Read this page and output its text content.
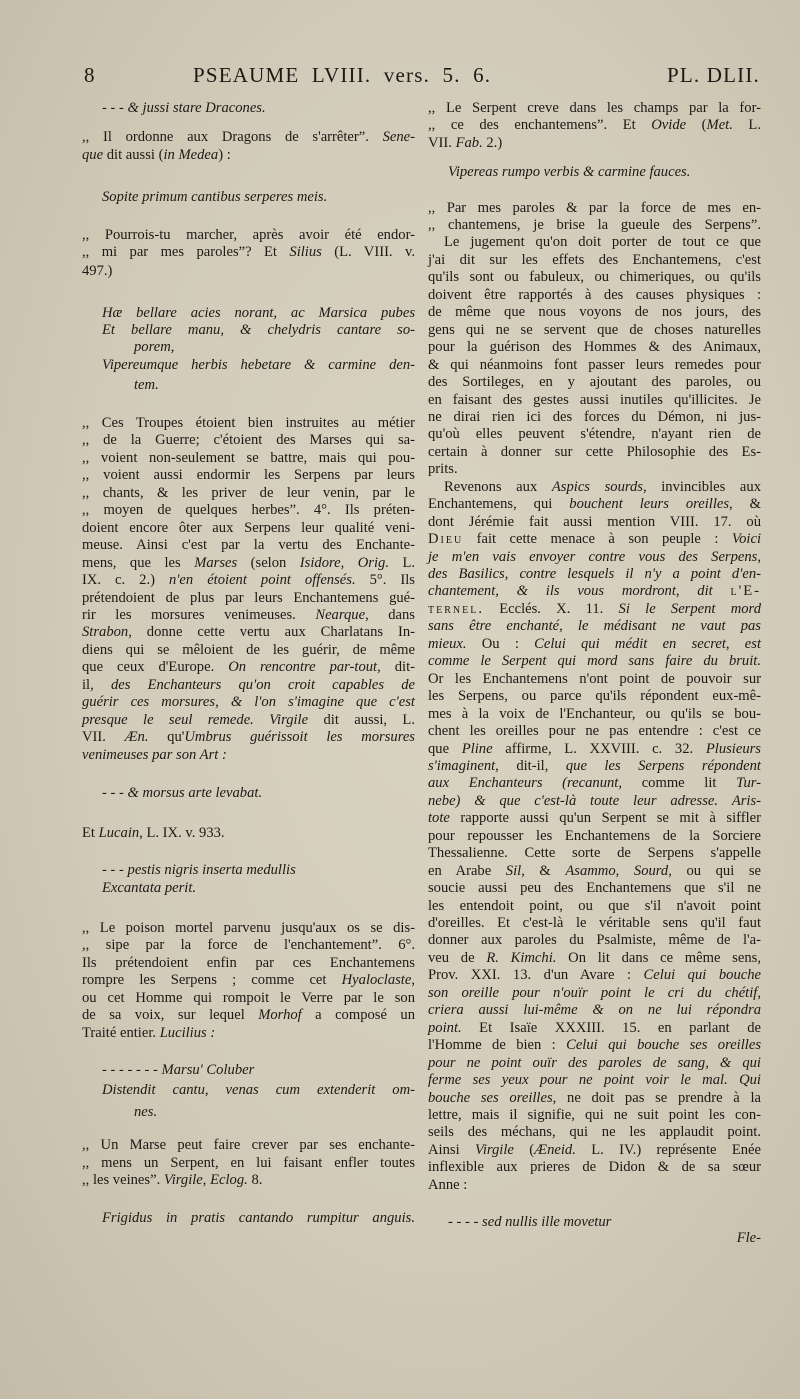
8	PSEAUME LVIII. vers. 5. 6.	PL. DLII.
- - - & jussi stare Dracones.
,, Il ordonne aux Dragons de s'arrêter”. Sene-
que dit aussi (in Medea) :
Sopite primum cantibus serperes meis.
,, Pourrois-tu marcher, après avoir été endor-
,, mi par mes paroles”? Et Silius (L. VIII. v.
497.)
Hæ bellare acies norant, ac Marsica pubes
Et bellare manu, & chelydris cantare so-
porem,
Vipereumque herbis hebetare & carmine den-
tem.
,, Ces Troupes étoient bien instruites au métier
,, de la Guerre; c'étoient des Marses qui sa-
,, voient non-seulement se battre, mais qui pou-
,, voient aussi endormir les Serpens par leurs
,, chants, & les priver de leur venin, par le
,, moyen de quelques herbes”. 4°. Ils préten-
doient encore ôter aux Serpens leur qualité veni-
meuse. Ainsi c'est par la vertu des Enchante-
mens, que les Marses (selon Isidore, Orig. L.
IX. c. 2.) n'en étoient point offensés. 5°. Ils
prétendoient de plus par leurs Enchantemens gué-
rir les morsures venimeuses. Nearque, dans
Strabon, donne cette vertu aux Charlatans In-
diens qui se mêloient de les guérir, de même
que ceux d'Europe. On rencontre par-tout, dit-
il, des Enchanteurs qu'on croit capables de
guérir ces morsures, & l'on s'imagine que c'est
presque le seul remede. Virgile dit aussi, L.
VII. Æn. qu'Umbrus guérissoit les morsures
venimeuses par son Art :
- - - & morsus arte levabat.
Et Lucain, L. IX. v. 933.
- - - pestis nigris inserta medullis
Excantata perit.
,, Le poison mortel parvenu jusqu'aux os se dis-
,, sipe par la force de l'enchantement”. 6°.
Ils prétendoient enfin par ces Enchantemens
rompre les Serpens ; comme cet Hyaloclaste,
ou cet Homme qui rompoit le Verre par le son
de sa voix, sur lequel Morhof a composé un
Traité entier. Lucilius :
- - - - - - - Marsu' Coluber
Distendit cantu, venas cum extenderit om-
nes.
,, Un Marse peut faire crever par ses enchante-
,, mens un Serpent, en lui faisant enfler toutes
,, les veines”. Virgile, Eclog. 8.
Frigidus in pratis cantando rumpitur anguis.
,, Le Serpent creve dans les champs par la for-
,, ce des enchantemens”. Et Ovide (Met. L.
VII. Fab. 2.)
Vipereas rumpo verbis & carmine fauces.
,, Par mes paroles & par la force de mes en-
,, chantemens, je brise la gueule des Serpens”.
Le jugement qu'on doit porter de tout ce que
j'ai dit sur les effets des Enchantemens, c'est
qu'ils sont ou fabuleux, ou chimeriques, ou qu'ils
doivent être rapportés à des causes physiques :
de même que nous voyons de nos jours, des
gens qui ne se servent que de choses naturelles
pour la guérison des Hommes & des Animaux,
& qui néanmoins font passer leurs remedes pour
des Sortileges, en y ajoutant des paroles, ou
en faisant des gestes aussi inutiles qu'illicites. Je
ne dirai rien ici des forces du Démon, ni jus-
qu'où elles peuvent s'étendre, n'ayant rien de
certain à donner sur cette Philosophie des Es-
prits.
Revenons aux Aspics sourds, invincibles aux
Enchantemens, qui bouchent leurs oreilles, &
dont Jérémie fait aussi mention VIII. 17. où
Dieu fait cette menace à son peuple : Voici
je m'en vais envoyer contre vous des Serpens,
des Basilics, contre lesquels il n'y a point d'en-
chantement, & ils vous mordront, dit l'E-
ternel. Ecclés. X. 11. Si le Serpent mord
sans être enchanté, le médisant ne vaut pas
mieux. Ou : Celui qui médit en secret, est
comme le Serpent qui mord sans faire du bruit.
Or les Enchantemens n'ont point de pouvoir sur
les Serpens, ou parce qu'ils répondent eux-mê-
mes à la voix de l'Enchanteur, ou qu'ils se bou-
chent les oreilles pour ne pas entendre : c'est ce
que Pline affirme, L. XXVIII. c. 32. Plusieurs
s'imaginent, dit-il, que les Serpens répondent
aux Enchanteurs (recanunt, comme lit Tur-
nebe) & que c'est-là toute leur adresse. Aris-
tote rapporte aussi qu'un Serpent se mit à siffler
pour repousser les Enchantemens de la Sorciere
Thessalienne. Cette sorte de Serpens s'appelle
en Arabe Sil, & Asammo, Sourd, ou qui se
soucie aussi peu des Enchantemens que s'il ne
les entendoit point, ou que s'il n'avoit point
d'oreilles. Et c'est-là le véritable sens qu'il faut
donner aux paroles du Psalmiste, même de l'a-
veu de R. Kimchi. On lit dans ce même sens,
Prov. XXI. 13. d'un Avare : Celui qui bouche
son oreille pour n'ouïr point le cri du chétif,
criera aussi lui-même & on ne lui répondra
point. Et Isaïe XXXIII. 15. en parlant de
l'Homme de bien : Celui qui bouche ses oreilles
pour ne point ouïr des paroles de sang, & qui
ferme ses yeux pour ne point voir le mal. Qui
bouche ses oreilles, ne doit pas se prendre à la
lettre, mais il signifie, qui ne suit point les con-
seils des méchans, qui ne les applaudit point.
Ainsi Virgile (Æneid. L. IV.) représente Enée
inflexible aux prieres de Didon & de sa sœur
Anne :
- - - - sed nullis ille movetur
Fle-
